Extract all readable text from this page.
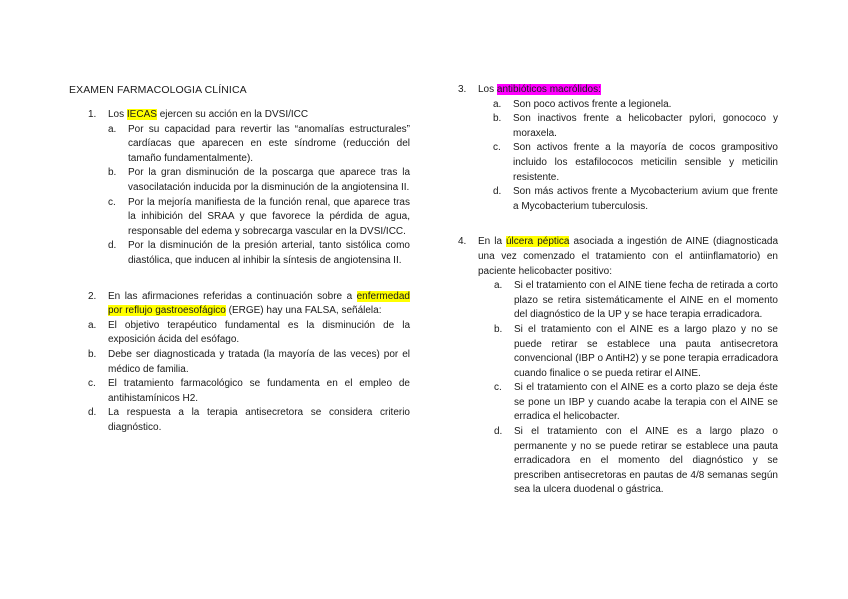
EXAMEN FARMACOLOGIA CLÍNICA
1. Los IECAS ejercen su acción en la DVSI/ICC
a. Por su capacidad para revertir las “anomalías estructurales” cardíacas que aparecen en este síndrome (reducción del tamaño fundamentalmente).
b. Por la gran disminución de la poscarga que aparece tras la vasocilatación inducida por la disminución de la angiotensina II.
c. Por la mejoría manifiesta de la función renal, que aparece tras la inhibición del SRAA y que favorece la pérdida de agua, responsable del edema y sobrecarga vascular en la DVSI/ICC.
d. Por la disminución de la presión arterial, tanto sistólica como diastólica, que inducen al inhibir la síntesis de angiotensina II.
2. En las afirmaciones referidas a continuación sobre a enfermedad por reflujo gastroesofágico (ERGE) hay una FALSA, señálela:
a. El objetivo terapéutico fundamental es la disminución de la exposición ácida del esófago.
b. Debe ser diagnosticada y tratada (la mayoría de las veces) por el médico de familia.
c. El tratamiento farmacológico se fundamenta en el empleo de antihistamínicos H2.
d. La respuesta a la terapia antisecretora se considera criterio diagnóstico.
3. Los antibióticos macrólidos:
a. Son poco activos frente a legionela.
b. Son inactivos frente a helicobacter pylori, gonococo y moraxela.
c. Son activos frente a la mayoría de cocos grampositivo incluido los estafilococos meticilin sensible y meticilin resistente.
d. Son más activos frente a Mycobacterium avium que frente a Mycobacterium tuberculosis.
4. En la úlcera péptica asociada a ingestión de AINE (diagnosticada una vez comenzado el tratamiento con el antiinflamatorio) en paciente helicobacter positivo:
a. Si el tratamiento con el AINE tiene fecha de retirada a corto plazo se retira sistemáticamente el AINE en el momento del diagnóstico de la UP y se hace terapia erradicadora.
b. Si el tratamiento con el AINE es a largo plazo y no se puede retirar se establece una pauta antisecretora convencional (IBP o AntiH2) y se pone terapia erradicadora cuando finalice o se pueda retirar el AINE.
c. Si el tratamiento con el AINE es a corto plazo se deja éste se pone un IBP y cuando acabe la terapia con el AINE se erradica el helicobacter.
d. Si el tratamiento con el AINE es a largo plazo o permanente y no se puede retirar se establece una pauta erradicadora en el momento del diagnóstico y se prescriben antisecretoras en pautas de 4/8 semanas según sea la ulcera duodenal o gástrica.
